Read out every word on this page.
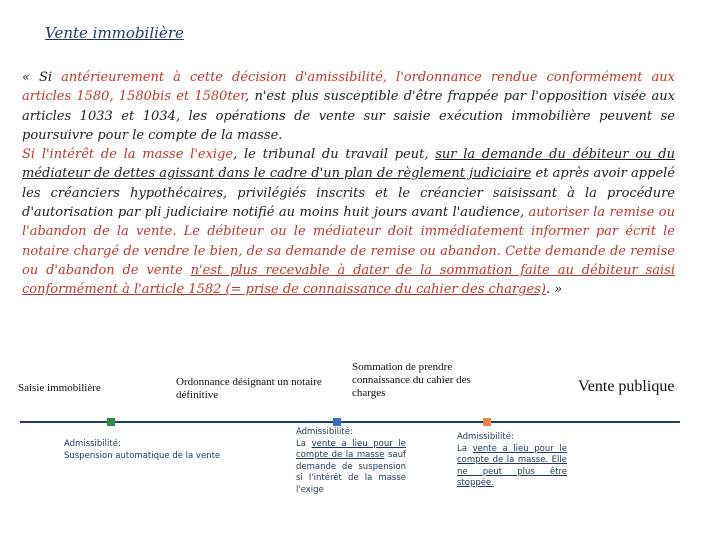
Vente immobilière
« Si antérieurement à cette décision d'amissibilité, l'ordonnance rendue conformément aux articles 1580, 1580bis et 1580ter, n'est plus susceptible d'être frappée par l'opposition visée aux articles 1033 et 1034, les opérations de vente sur saisie exécution immobilière peuvent se poursuivre pour le compte de la masse.
Si l'intérêt de la masse l'exige, le tribunal du travail peut, sur la demande du débiteur ou du médiateur de dettes agissant dans le cadre d'un plan de règlement judiciaire et après avoir appelé les créanciers hypothécaires, privilégiés inscrits et le créancier saisissant à la procédure d'autorisation par pli judiciaire notifié au moins huit jours avant l'audience, autoriser la remise ou l'abandon de la vente. Le débiteur ou le médiateur doit immédiatement informer par écrit le notaire chargé de vendre le bien, de sa demande de remise ou abandon. Cette demande de remise ou d'abandon de vente n'est plus recevable à dater de la sommation faite au débiteur saisi conformément à l'article 1582 (= prise de connaissance du cahier des charges). »
Saisie immobilière	Ordonnance désignant un notaire définitive
Sommation de prendre connaissance du cahier des charges	Vente publique
Admissibilité:
Suspension automatique de la vente
Admissibilité:
La vente a lieu pour le compte de la masse sauf demande de suspension si l'intérêt de la masse l'exige
Admissibilité:
La vente a lieu pour le compte de la masse. Elle ne peut plus être stoppée.
